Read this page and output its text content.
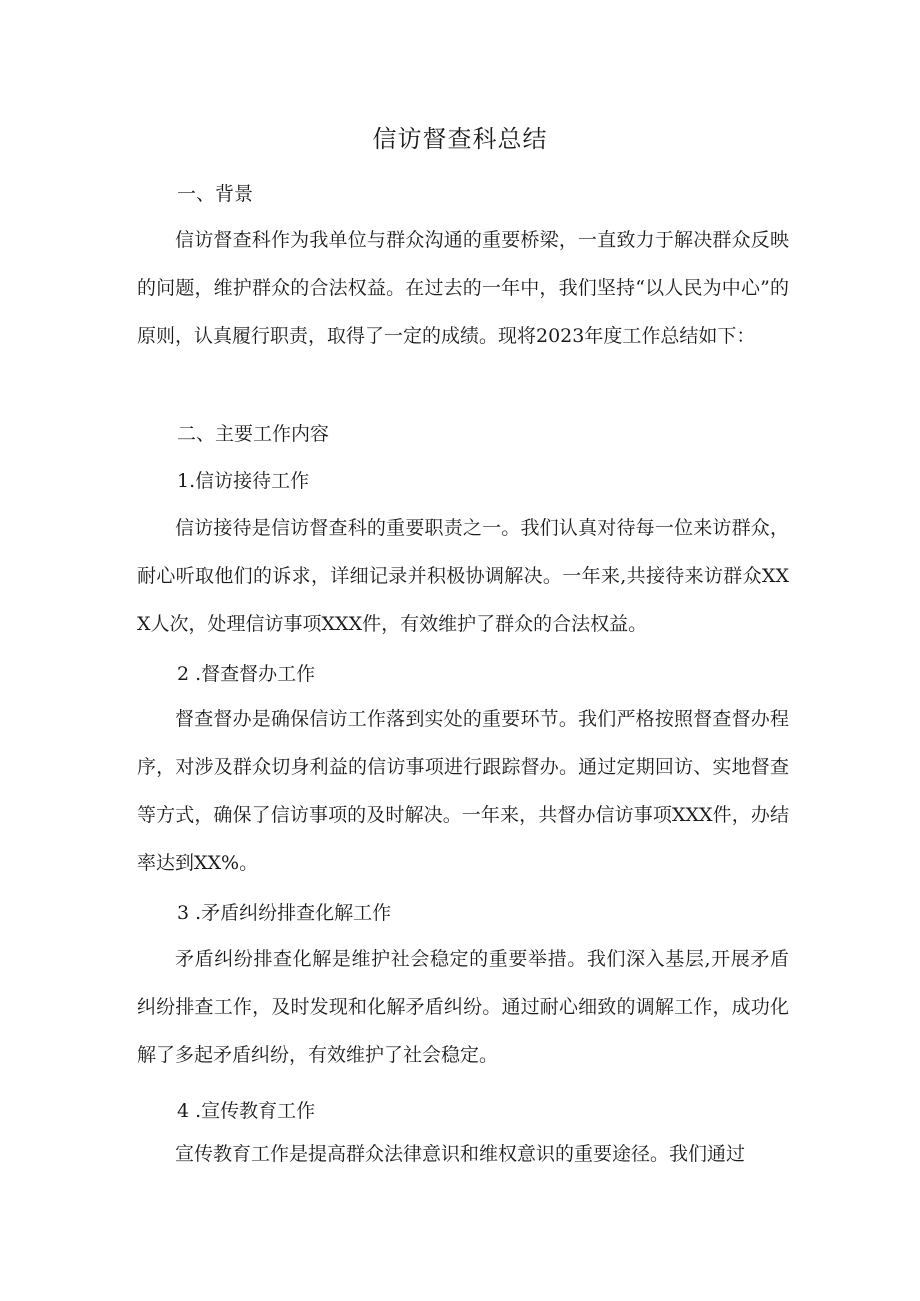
信访督查科总结
一、背景
信访督查科作为我单位与群众沟通的重要桥梁，一直致力于解决群众反映的问题，维护群众的合法权益。在过去的一年中，我们坚持“以人民为中心”的原则，认真履行职责，取得了一定的成绩。现将2023年度工作总结如下：
二、主要工作内容
1.信访接待工作
信访接待是信访督查科的重要职责之一。我们认真对待每一位来访群众，耐心听取他们的诉求，详细记录并积极协调解决。一年来,共接待来访群众XXX人次，处理信访事项XXX件，有效维护了群众的合法权益。
2 .督查督办工作
督查督办是确保信访工作落到实处的重要环节。我们严格按照督查督办程序，对涉及群众切身利益的信访事项进行跟踪督办。通过定期回访、实地督查等方式，确保了信访事项的及时解决。一年来，共督办信访事项XXX件，办结率达到XX%。
3 .矛盾纠纷排查化解工作
矛盾纠纷排查化解是维护社会稳定的重要举措。我们深入基层,开展矛盾纠纷排查工作，及时发现和化解矛盾纠纷。通过耐心细致的调解工作，成功化解了多起矛盾纠纷，有效维护了社会稳定。
4 .宣传教育工作
宣传教育工作是提高群众法律意识和维权意识的重要途径。我们通过
